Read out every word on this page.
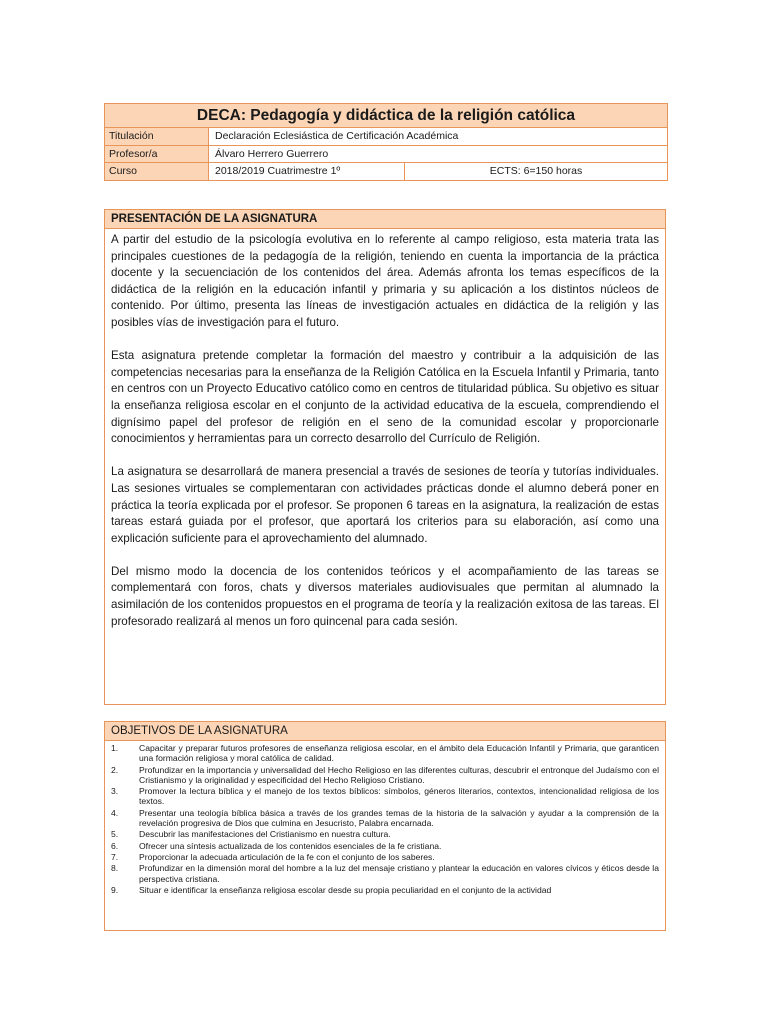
DECA: Pedagogía y didáctica de la religión católica
Titulación	Declaración Eclesiástica de Certificación Académica
Profesor/a	Álvaro Herrero Guerrero
Curso	2018/2019 Cuatrimestre 1º	ECTS: 6=150 horas
PRESENTACIÓN DE LA ASIGNATURA

A partir del estudio de la psicología evolutiva en lo referente al campo religioso, esta materia trata las principales cuestiones de la pedagogía de la religión, teniendo en cuenta la importancia de la práctica docente y la secuenciación de los contenidos del área. Además afronta los temas específicos de la didáctica de la religión en la educación infantil y primaria y su aplicación a los distintos núcleos de contenido. Por último, presenta las líneas de investigación actuales en didáctica de la religión y las posibles vías de investigación para el futuro.

Esta asignatura pretende completar la formación del maestro y contribuir a la adquisición de las competencias necesarias para la enseñanza de la Religión Católica en la Escuela Infantil y Primaria, tanto en centros con un Proyecto Educativo católico como en centros de titularidad pública. Su objetivo es situar la enseñanza religiosa escolar en el conjunto de la actividad educativa de la escuela, comprendiendo el dignísimo papel del profesor de religión en el seno de la comunidad escolar y proporcionarle conocimientos y herramientas para un correcto desarrollo del Currículo de Religión.

La asignatura se desarrollará de manera presencial a través de sesiones de teoría y tutorías individuales. Las sesiones virtuales se complementaran con actividades prácticas donde el alumno deberá poner en práctica la teoría explicada por el profesor. Se proponen 6 tareas en la asignatura, la realización de estas tareas estará guiada por el profesor, que aportará los criterios para su elaboración, así como una explicación suficiente para el aprovechamiento del alumnado.

Del mismo modo la docencia de los contenidos teóricos y el acompañamiento de las tareas se complementará con foros, chats y diversos materiales audiovisuales que permitan al alumnado la asimilación de los contenidos propuestos en el programa de teoría y la realización exitosa de las tareas. El profesorado realizará al menos un foro quincenal para cada sesión.

OBJETIVOS DE LA ASIGNATURA
1.	Capacitar y preparar futuros profesores de enseñanza religiosa escolar, en el ámbito dela Educación Infantil y Primaria, que garanticen una formación religiosa y moral católica de calidad.
2.	Profundizar en la importancia y universalidad del Hecho Religioso en las diferentes culturas, descubrir el entronque del Judaísmo con el Cristianismo y la originalidad y especificidad del Hecho Religioso Cristiano.
3.	Promover la lectura bíblica y el manejo de los textos bíblicos: símbolos, géneros literarios, contextos, intencionalidad religiosa de los textos.
4.	Presentar una teología bíblica básica a través de los grandes temas de la historia de la salvación y ayudar a la comprensión de la revelación progresiva de Dios que culmina en Jesucristo, Palabra encarnada.
5.	Descubrir las manifestaciones del Cristianismo en nuestra cultura.
6.	Ofrecer una síntesis actualizada de los contenidos esenciales de la fe cristiana.
7.	Proporcionar la adecuada articulación de la fe con el conjunto de los saberes.
8.	Profundizar en la dimensión moral del hombre a la luz del mensaje cristiano y plantear la educación en valores cívicos y éticos desde la perspectiva cristiana.
9.	Situar e identificar la enseñanza religiosa escolar desde su propia peculiaridad en el conjunto de la actividad
